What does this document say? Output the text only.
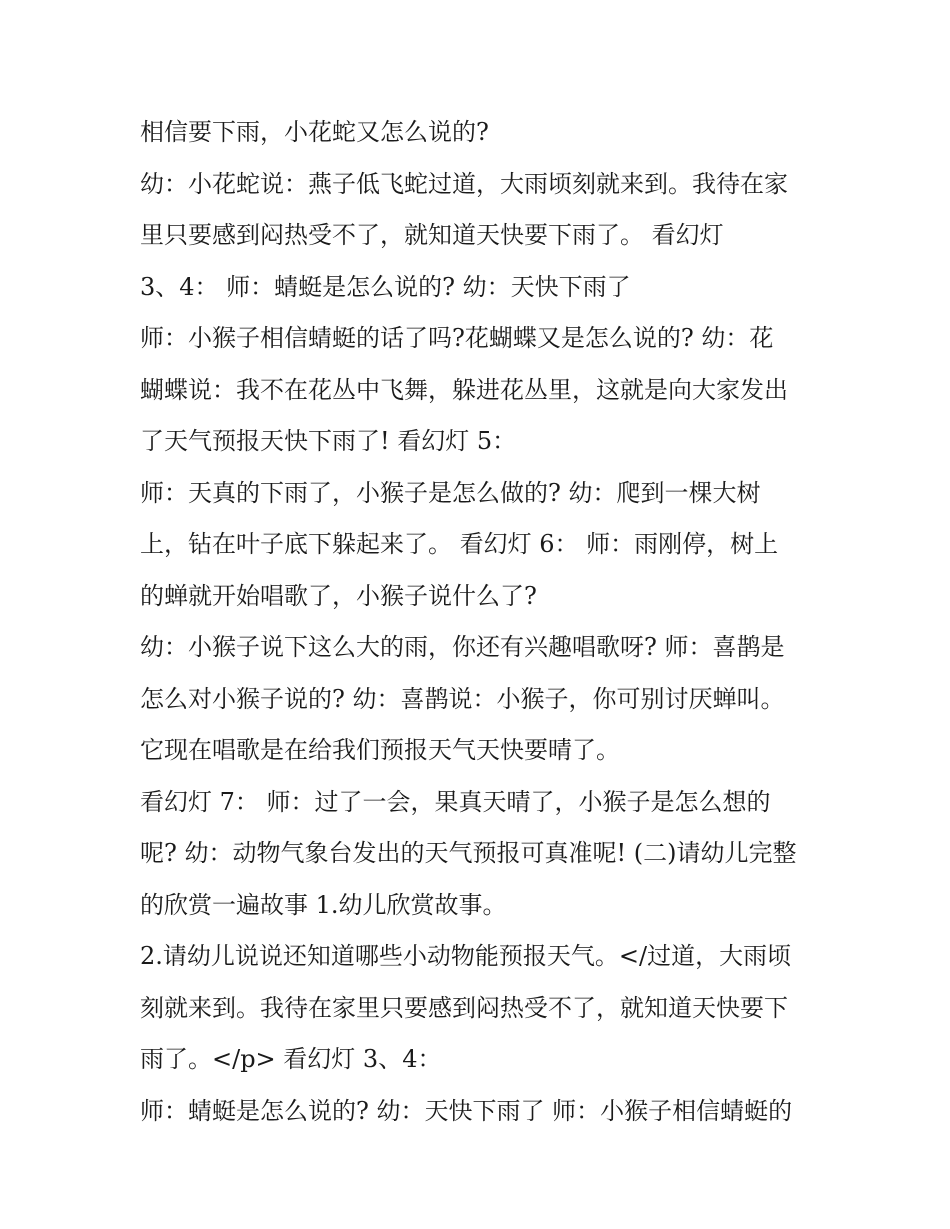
相信要下雨，小花蛇又怎么说的?
幼：小花蛇说：燕子低飞蛇过道，大雨顷刻就来到。我待在家
里只要感到闷热受不了，就知道天快要下雨了。 看幻灯
3、4： 师：蜻蜓是怎么说的? 幼：天快下雨了
师：小猴子相信蜻蜓的话了吗?花蝴蝶又是怎么说的? 幼：花
蝴蝶说：我不在花丛中飞舞，躲进花丛里，这就是向大家发出
了天气预报天快下雨了! 看幻灯 5：
师：天真的下雨了，小猴子是怎么做的? 幼：爬到一棵大树
上，钻在叶子底下躲起来了。 看幻灯 6： 师：雨刚停，树上
的蝉就开始唱歌了，小猴子说什么了?
幼：小猴子说下这么大的雨，你还有兴趣唱歌呀? 师：喜鹊是
怎么对小猴子说的? 幼：喜鹊说：小猴子，你可别讨厌蝉叫。
它现在唱歌是在给我们预报天气天快要晴了。
看幻灯 7： 师：过了一会，果真天晴了，小猴子是怎么想的
呢? 幼：动物气象台发出的天气预报可真准呢! (二)请幼儿完整
的欣赏一遍故事 1.幼儿欣赏故事。
2.请幼儿说说还知道哪些小动物能预报天气。</过道，大雨顷
刻就来到。我待在家里只要感到闷热受不了，就知道天快要下
雨了。</p> 看幻灯 3、4：
师：蜻蜓是怎么说的? 幼：天快下雨了 师：小猴子相信蜻蜓的
